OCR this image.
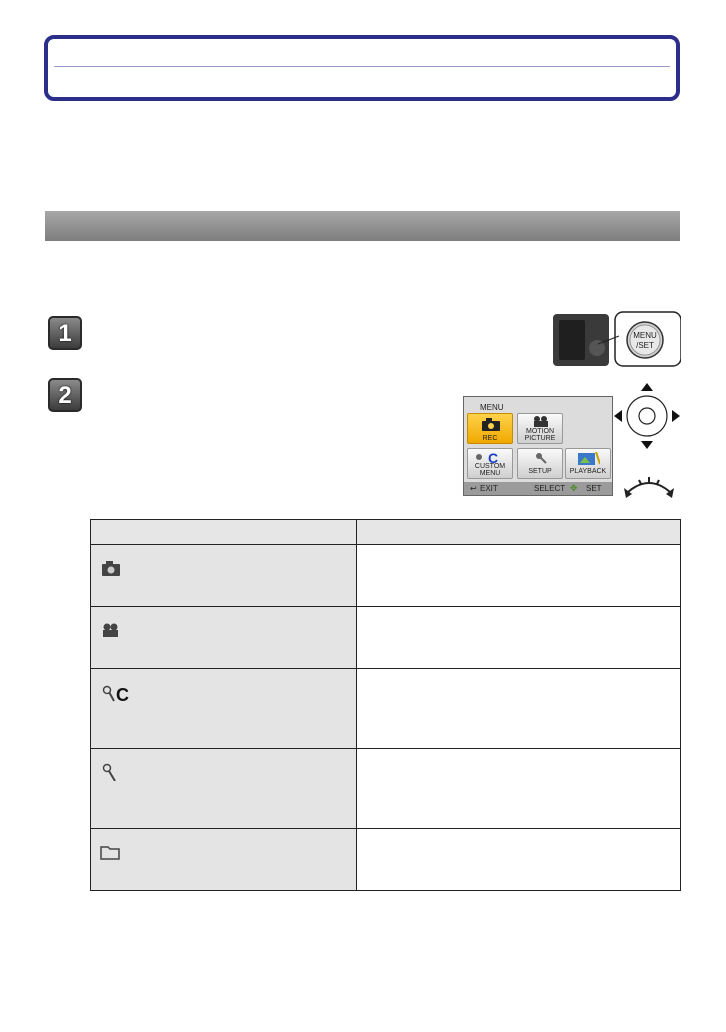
1	MENU
/SET
2	MENU
REC
MOTION
PICTURE
C
CUSTOM
MENU	SETUP	PLAYBACK
↩ EXIT	SELECT ✥ SET

C	
